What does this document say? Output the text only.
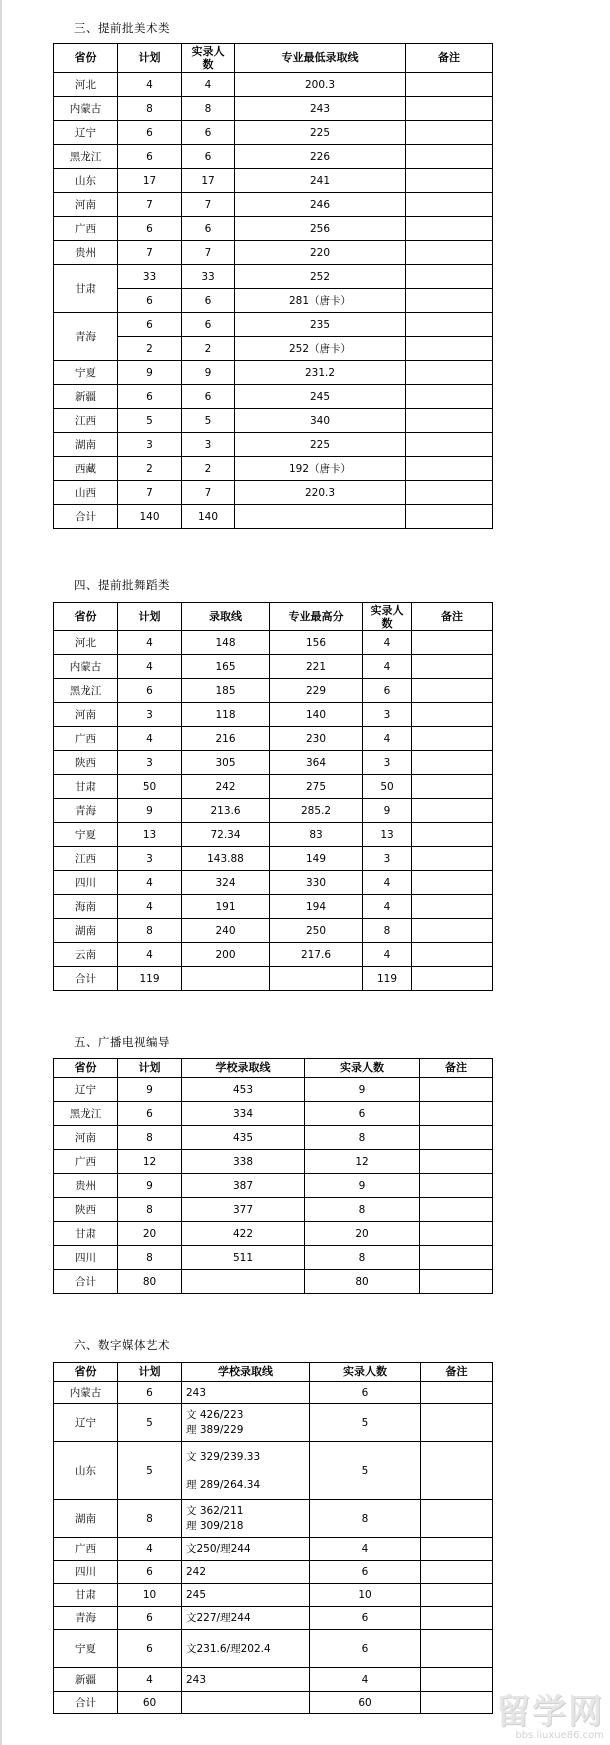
三、提前批美术类
省份	计划	实录人数	专业最低录取线	备注
河北	4	4	200.3	
内蒙古	8	8	243	
辽宁	6	6	225	
黑龙江	6	6	226	
山东	17	17	241	
河南	7	7	246	
广西	6	6	256	
贵州	7	7	220	
甘肃	33	33	252	
	6	6	281（唐卡）	
青海	6	6	235	
	2	2	252（唐卡）	
宁夏	9	9	231.2	
新疆	6	6	245	
江西	5	5	340	
湖南	3	3	225	
西藏	2	2	192（唐卡）	
山西	7	7	220.3	
合计	140	140		
四、提前批舞蹈类
省份	计划	录取线	专业最高分	实录人数	备注
河北	4	148	156	4	
内蒙古	4	165	221	4	
黑龙江	6	185	229	6	
河南	3	118	140	3	
广西	4	216	230	4	
陕西	3	305	364	3	
甘肃	50	242	275	50	
青海	9	213.6	285.2	9	
宁夏	13	72.34	83	13	
江西	3	143.88	149	3	
四川	4	324	330	4	
海南	4	191	194	4	
湖南	8	240	250	8	
云南	4	200	217.6	4	
合计	119			119	
五、广播电视编导
省份	计划	学校录取线	实录人数	备注
辽宁	9	453	9	
黑龙江	6	334	6	
河南	8	435	8	
广西	12	338	12	
贵州	9	387	9	
陕西	8	377	8	
甘肃	20	422	20	
四川	8	511	8	
合计	80		80	
六、数字媒体艺术
省份	计划	学校录取线	实录人数	备注
内蒙古	6	243	6	
辽宁	5	文 426/223
理 389/229	5	
山东	5	文 329/239.33
理 289/264.34	5	
湖南	8	文 362/211
理 309/218	8	
广西	4	文250/理244	4	
四川	6	242	6	
甘肃	10	245	10	
青海	6	文227/理244	6	
宁夏	6	文231.6/理202.4	6	
新疆	4	243	4	
合计	60		60		留学网
bbs.liuxue86.com
